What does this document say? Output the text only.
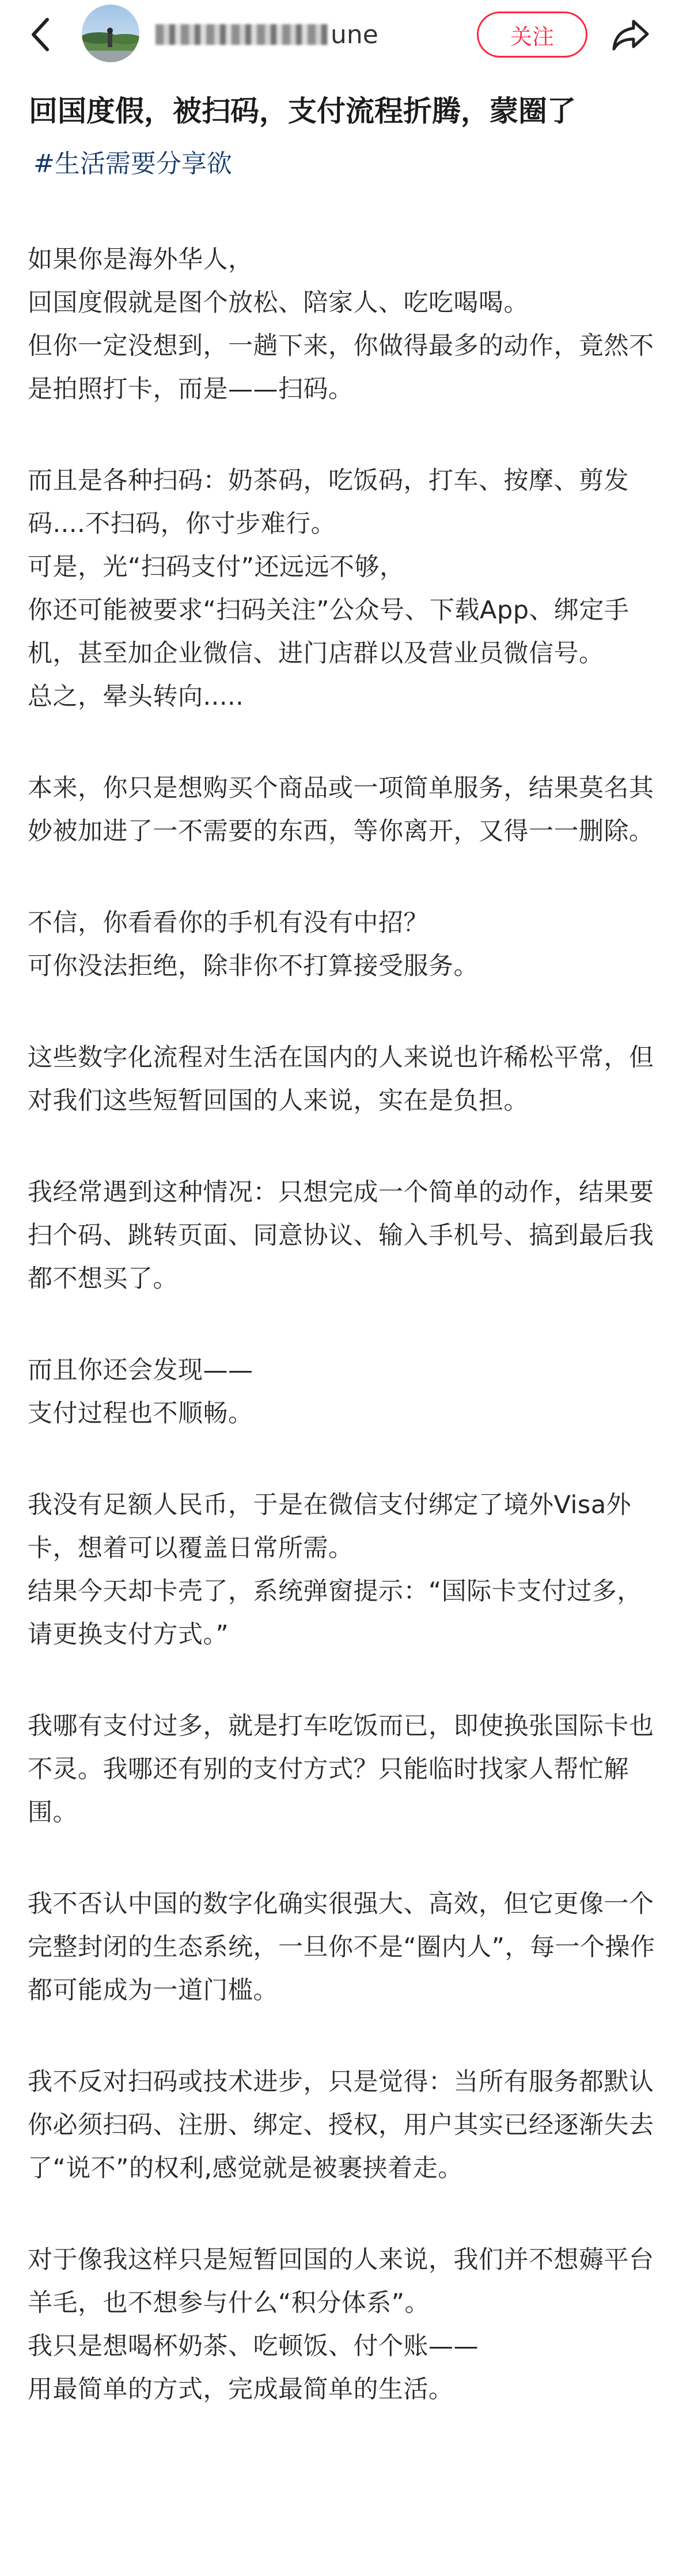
une	关注
回国度假，被扫码，支付流程折腾，蒙圈了
#生活需要分享欲

如果你是海外华人，
回国度假就是图个放松、陪家人、吃吃喝喝。
但你一定没想到，一趟下来，你做得最多的动作，竟然不是拍照打卡，而是——扫码。

而且是各种扫码：奶茶码，吃饭码，打车、按摩、剪发码....不扫码，你寸步难行。
可是，光“扫码支付”还远远不够，
你还可能被要求“扫码关注”公众号、下载App、绑定手机，甚至加企业微信、进门店群以及营业员微信号。
总之，晕头转向.....

本来，你只是想购买个商品或一项简单服务，结果莫名其妙被加进了一不需要的东西，等你离开，又得一一删除。

不信，你看看你的手机有没有中招？
可你没法拒绝，除非你不打算接受服务。

这些数字化流程对生活在国内的人来说也许稀松平常，但对我们这些短暂回国的人来说，实在是负担。

我经常遇到这种情况：只想完成一个简单的动作，结果要扫个码、跳转页面、同意协议、输入手机号、搞到最后我都不想买了。

而且你还会发现——
支付过程也不顺畅。

我没有足额人民币，于是在微信支付绑定了境外Visa外卡，想着可以覆盖日常所需。
结果今天却卡壳了，系统弹窗提示：“国际卡支付过多，请更换支付方式。”

我哪有支付过多，就是打车吃饭而已，即使换张国际卡也不灵。我哪还有别的支付方式？只能临时找家人帮忙解围。

我不否认中国的数字化确实很强大、高效，但它更像一个完整封闭的生态系统，一旦你不是“圈内人”，每一个操作都可能成为一道门槛。

我不反对扫码或技术进步，只是觉得：当所有服务都默认你必须扫码、注册、绑定、授权，用户其实已经逐渐失去了“说不”的权利,感觉就是被裹挟着走。

对于像我这样只是短暂回国的人来说，我们并不想薅平台羊毛，也不想参与什么“积分体系”。
我只是想喝杯奶茶、吃顿饭、付个账——
用最简单的方式，完成最简单的生活。
